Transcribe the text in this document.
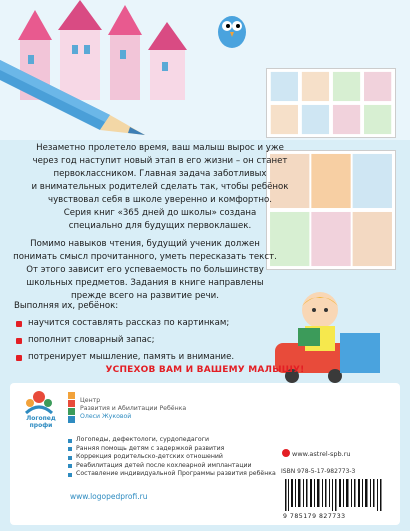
Незаметно пролетело время, ваш малыш вырос и уже

через год наступит новый этап в его жизни – он станет

первоклассником. Главная задача заботливых

и внимательных родителей сделать так, чтобы ребёнок

чувствовал себя в школе уверенно и комфортно.

Серия книг «365 дней до школы» создана

специально для будущих первоклашек.

Помимо навыков чтения, будущий ученик должен

понимать смысл прочитанного, уметь пересказать текст.

От этого зависит его успеваемость по большинству

школьных предметов. Задания в книге направлены

прежде всего на развитие речи.

Выполняя их, ребёнок:
научится составлять рассказ по картинкам;
пополнит словарный запас;
потренирует мышление, память и внимание.
УСПЕХОВ ВАМ И ВАШЕМУ МАЛЫШУ!
Логопед профи
Центр
Развития и Абилитации Ребёнка
Олеси Жуковой
Логопеды, дефектологи, сурдопедагоги
Ранняя помощь детям с задержкой развития
Коррекция родительско-детских отношений
Реабилитация детей после кохлеарной имплантации
Составление индивидуальной Программы развития ребёнка
www.logopedprofi.ru
www.astrel-spb.ru
ISBN 978-5-17-982773-3
9 785179 827733
